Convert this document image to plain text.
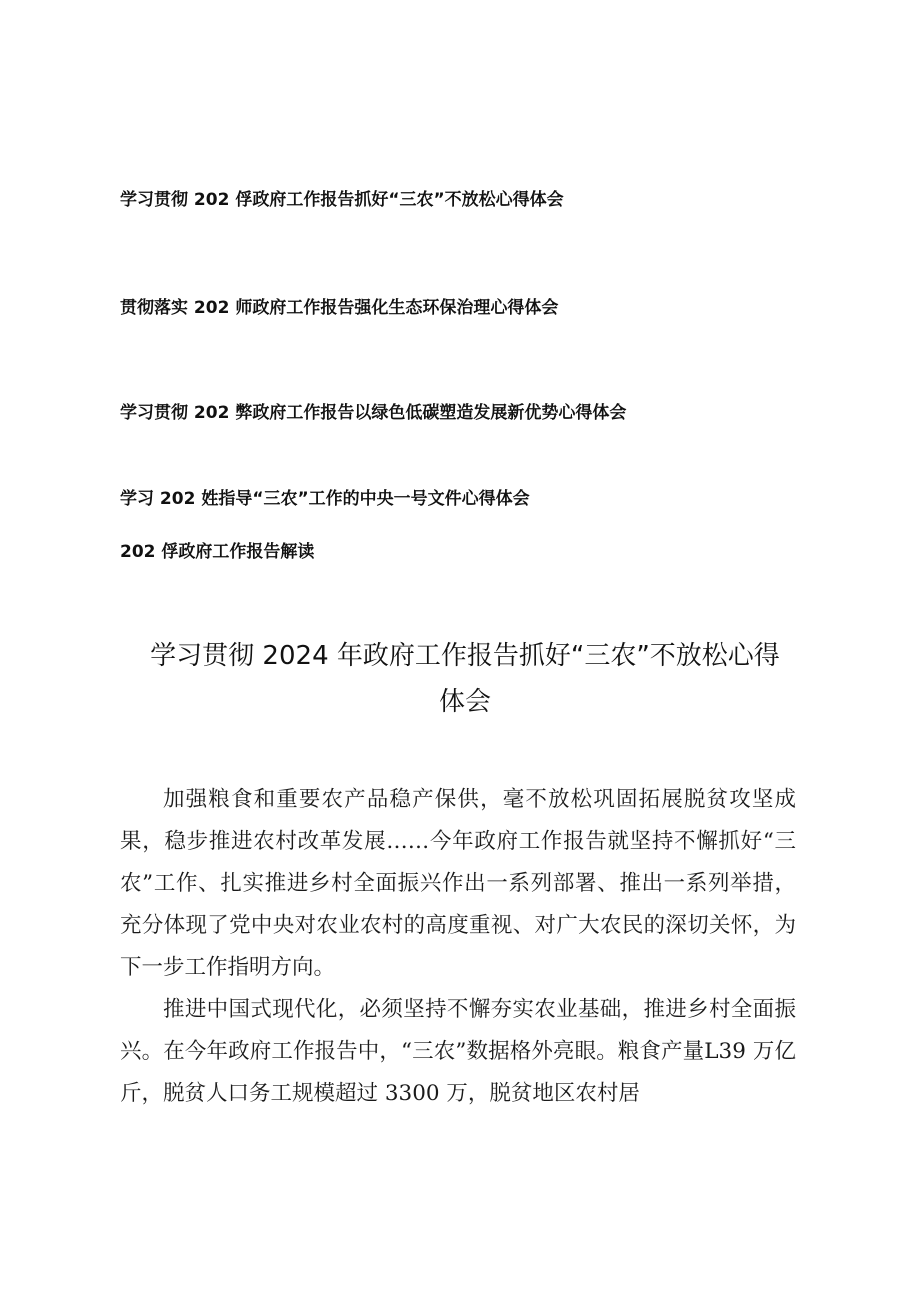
学习贯彻 202 俘政府工作报告抓好“三农”不放松心得体会
贯彻落实 202 师政府工作报告强化生态环保治理心得体会
学习贯彻 202 弊政府工作报告以绿色低碳塑造发展新优势心得体会
学习 202 姓指导“三农”工作的中央一号文件心得体会
202 俘政府工作报告解读
学习贯彻 2024 年政府工作报告抓好“三农”不放松心得
体会

加强粮食和重要农产品稳产保供，毫不放松巩固拓展脱贫攻坚成果，稳步推进农村改革发展……今年政府工作报告就坚持不懈抓好“三农”工作、扎实推进乡村全面振兴作出一系列部署、推出一系列举措，充分体现了党中央对农业农村的高度重视、对广大农民的深切关怀，为下一步工作指明方向。

推进中国式现代化，必须坚持不懈夯实农业基础，推进乡村全面振兴。在今年政府工作报告中，“三农”数据格外亮眼。粮食产量L39 万亿斤，脱贫人口务工规模超过 3300 万，脱贫地区农村居
